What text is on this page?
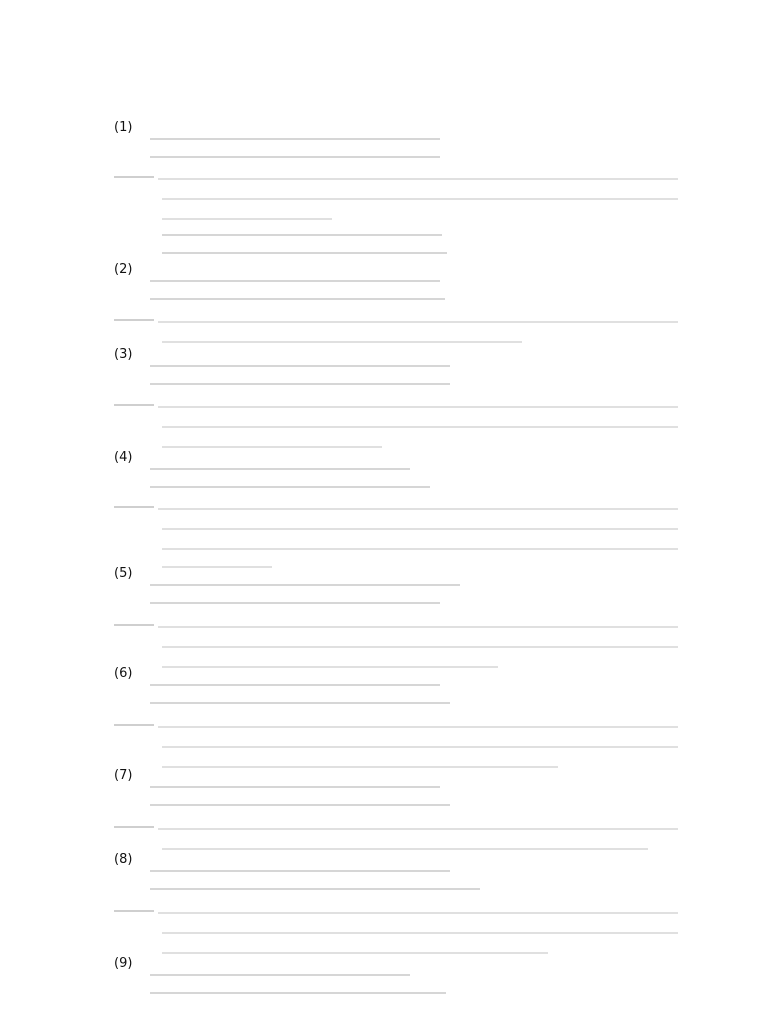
(1)
(2)
(3)
(4)
(5)
(6)
(7)
(8)
(9)
